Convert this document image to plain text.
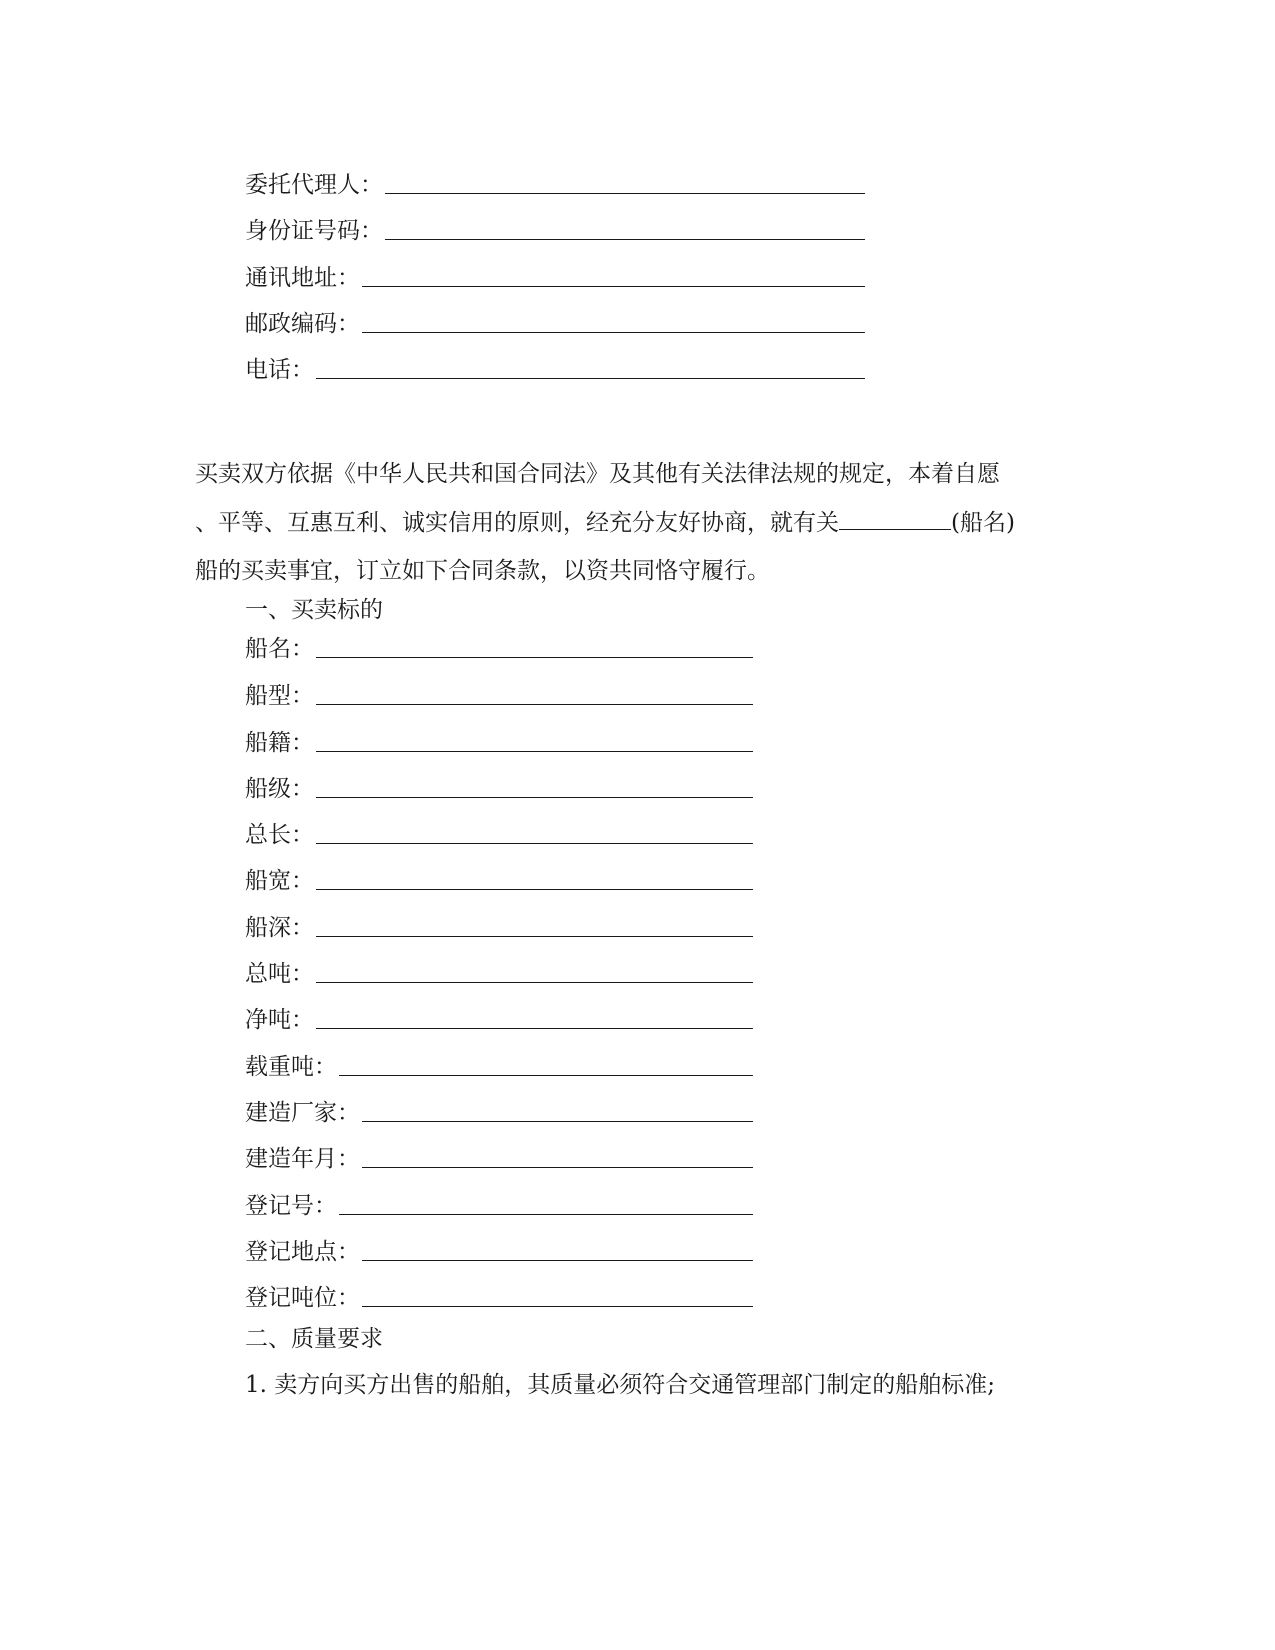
委托代理人：
身份证号码：
通讯地址：
邮政编码：
电话：
买卖双方依据《中华人民共和国合同法》及其他有关法律法规的规定，本着自愿
、平等、互惠互利、诚实信用的原则，经充分友好协商，就有关	(船名)
船的买卖事宜，订立如下合同条款，以资共同恪守履行。
一、买卖标的
船名：
船型：
船籍：
船级：
总长：
船宽：
船深：
总吨：
净吨：
载重吨：
建造厂家：
建造年月：
登记号：
登记地点：
登记吨位：
二、质量要求
1. 卖方向买方出售的船舶，其质量必须符合交通管理部门制定的船舶标准;
